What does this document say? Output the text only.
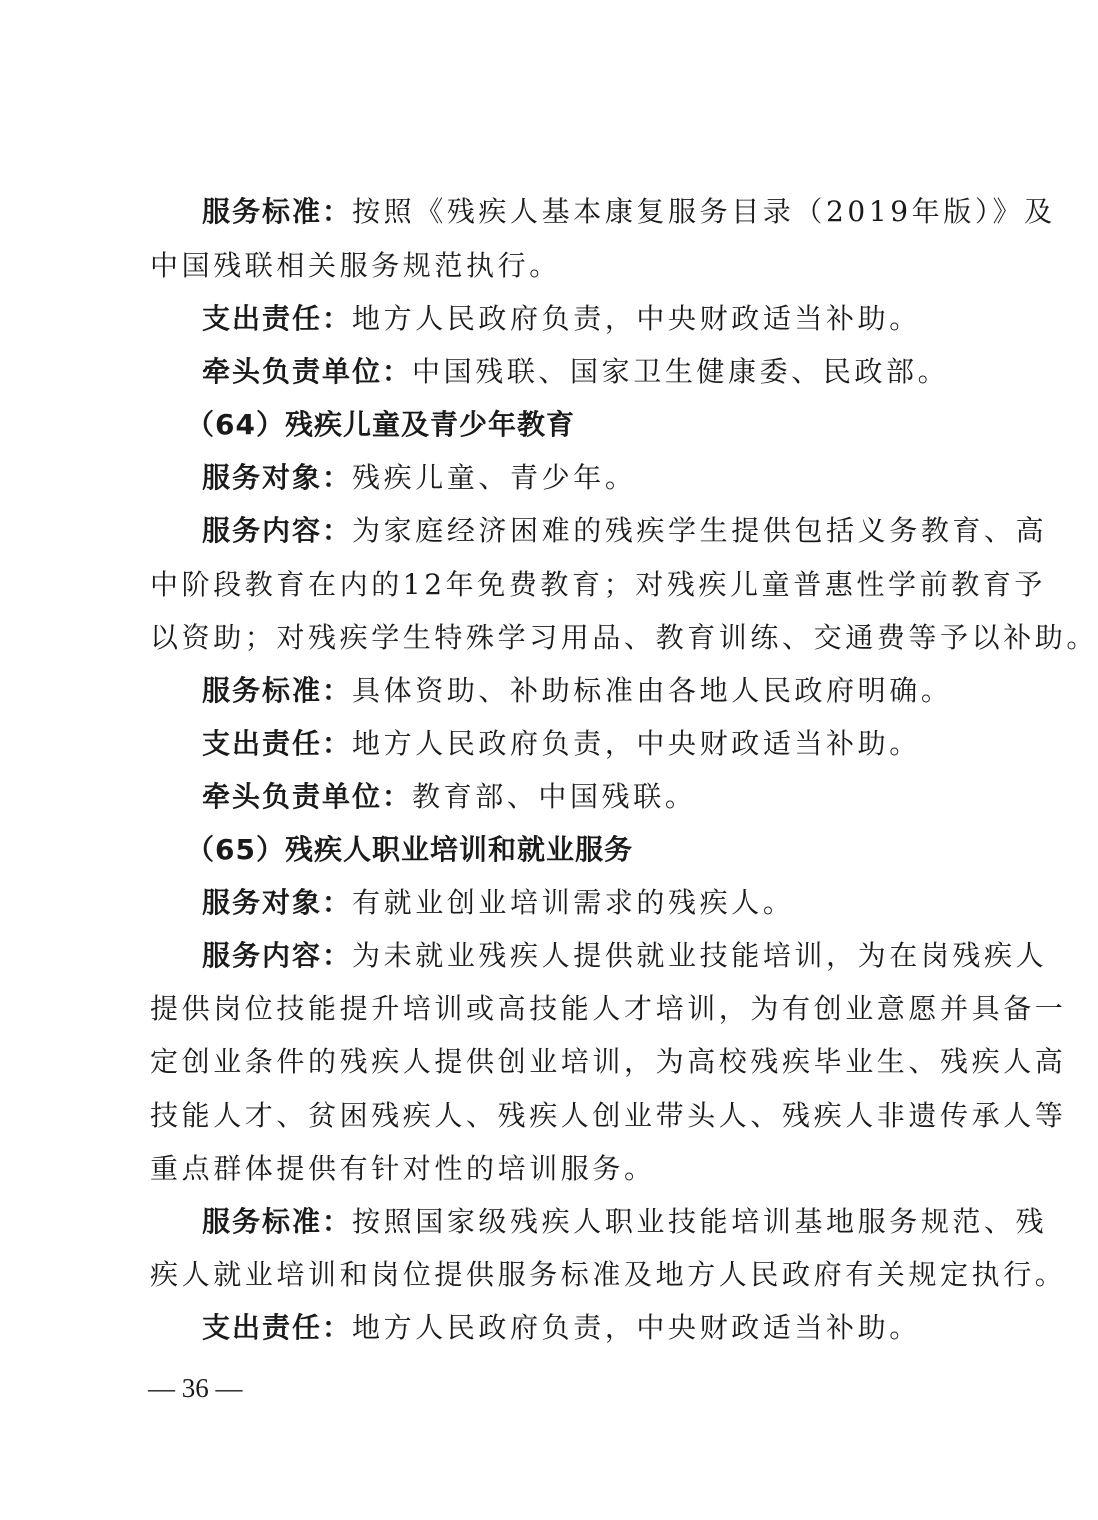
服务标准：按照《残疾人基本康复服务目录（2019年版）》及
中国残联相关服务规范执行。
支出责任：地方人民政府负责，中央财政适当补助。
牵头负责单位：中国残联、国家卫生健康委、民政部。
（64）残疾儿童及青少年教育
服务对象：残疾儿童、青少年。
服务内容：为家庭经济困难的残疾学生提供包括义务教育、高
中阶段教育在内的12年免费教育；对残疾儿童普惠性学前教育予
以资助；对残疾学生特殊学习用品、教育训练、交通费等予以补助。
服务标准：具体资助、补助标准由各地人民政府明确。
支出责任：地方人民政府负责，中央财政适当补助。
牵头负责单位：教育部、中国残联。
（65）残疾人职业培训和就业服务
服务对象：有就业创业培训需求的残疾人。
服务内容：为未就业残疾人提供就业技能培训，为在岗残疾人
提供岗位技能提升培训或高技能人才培训，为有创业意愿并具备一
定创业条件的残疾人提供创业培训，为高校残疾毕业生、残疾人高
技能人才、贫困残疾人、残疾人创业带头人、残疾人非遗传承人等
重点群体提供有针对性的培训服务。
服务标准：按照国家级残疾人职业技能培训基地服务规范、残
疾人就业培训和岗位提供服务标准及地方人民政府有关规定执行。
支出责任：地方人民政府负责，中央财政适当补助。
— 36 —
